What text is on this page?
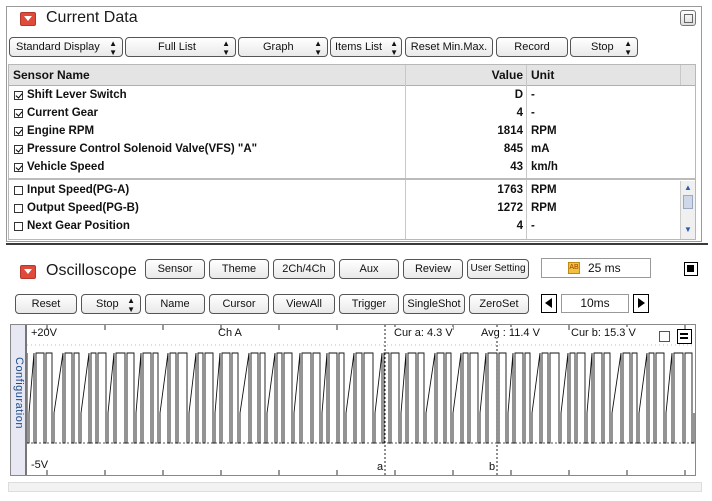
Current Data
Standard Display ▲
▼	Full List	▲
▼	Graph	▲
▼	Items List ▲
▼	Reset Min.Max.	Record	Stop ▲
▼
Sensor Name	Value Unit
Shift Lever Switch	D -
Current Gear	4 -
Engine RPM	1814 RPM
Pressure Control Solenoid Valve(VFS) "A"	845 mA
Vehicle Speed	43 km/h
Input Speed(PG-A)	1763 RPM
Output Speed(PG-B)	1272 RPM
Next Gear Position	4 -
▲
▼
Oscilloscope	Sensor	Theme	2Ch/4Ch	Aux	Review	User Setting	AB 25 ms
Reset	Stop ▲
▼	Name	Cursor	ViewAll	Trigger	SingleShot	ZeroSet	10ms
Configuration
+20V	Ch A	Cur a: 4.3 V	Avg : 11.4 V	Cur b: 15.3 V
-5V	a	b
